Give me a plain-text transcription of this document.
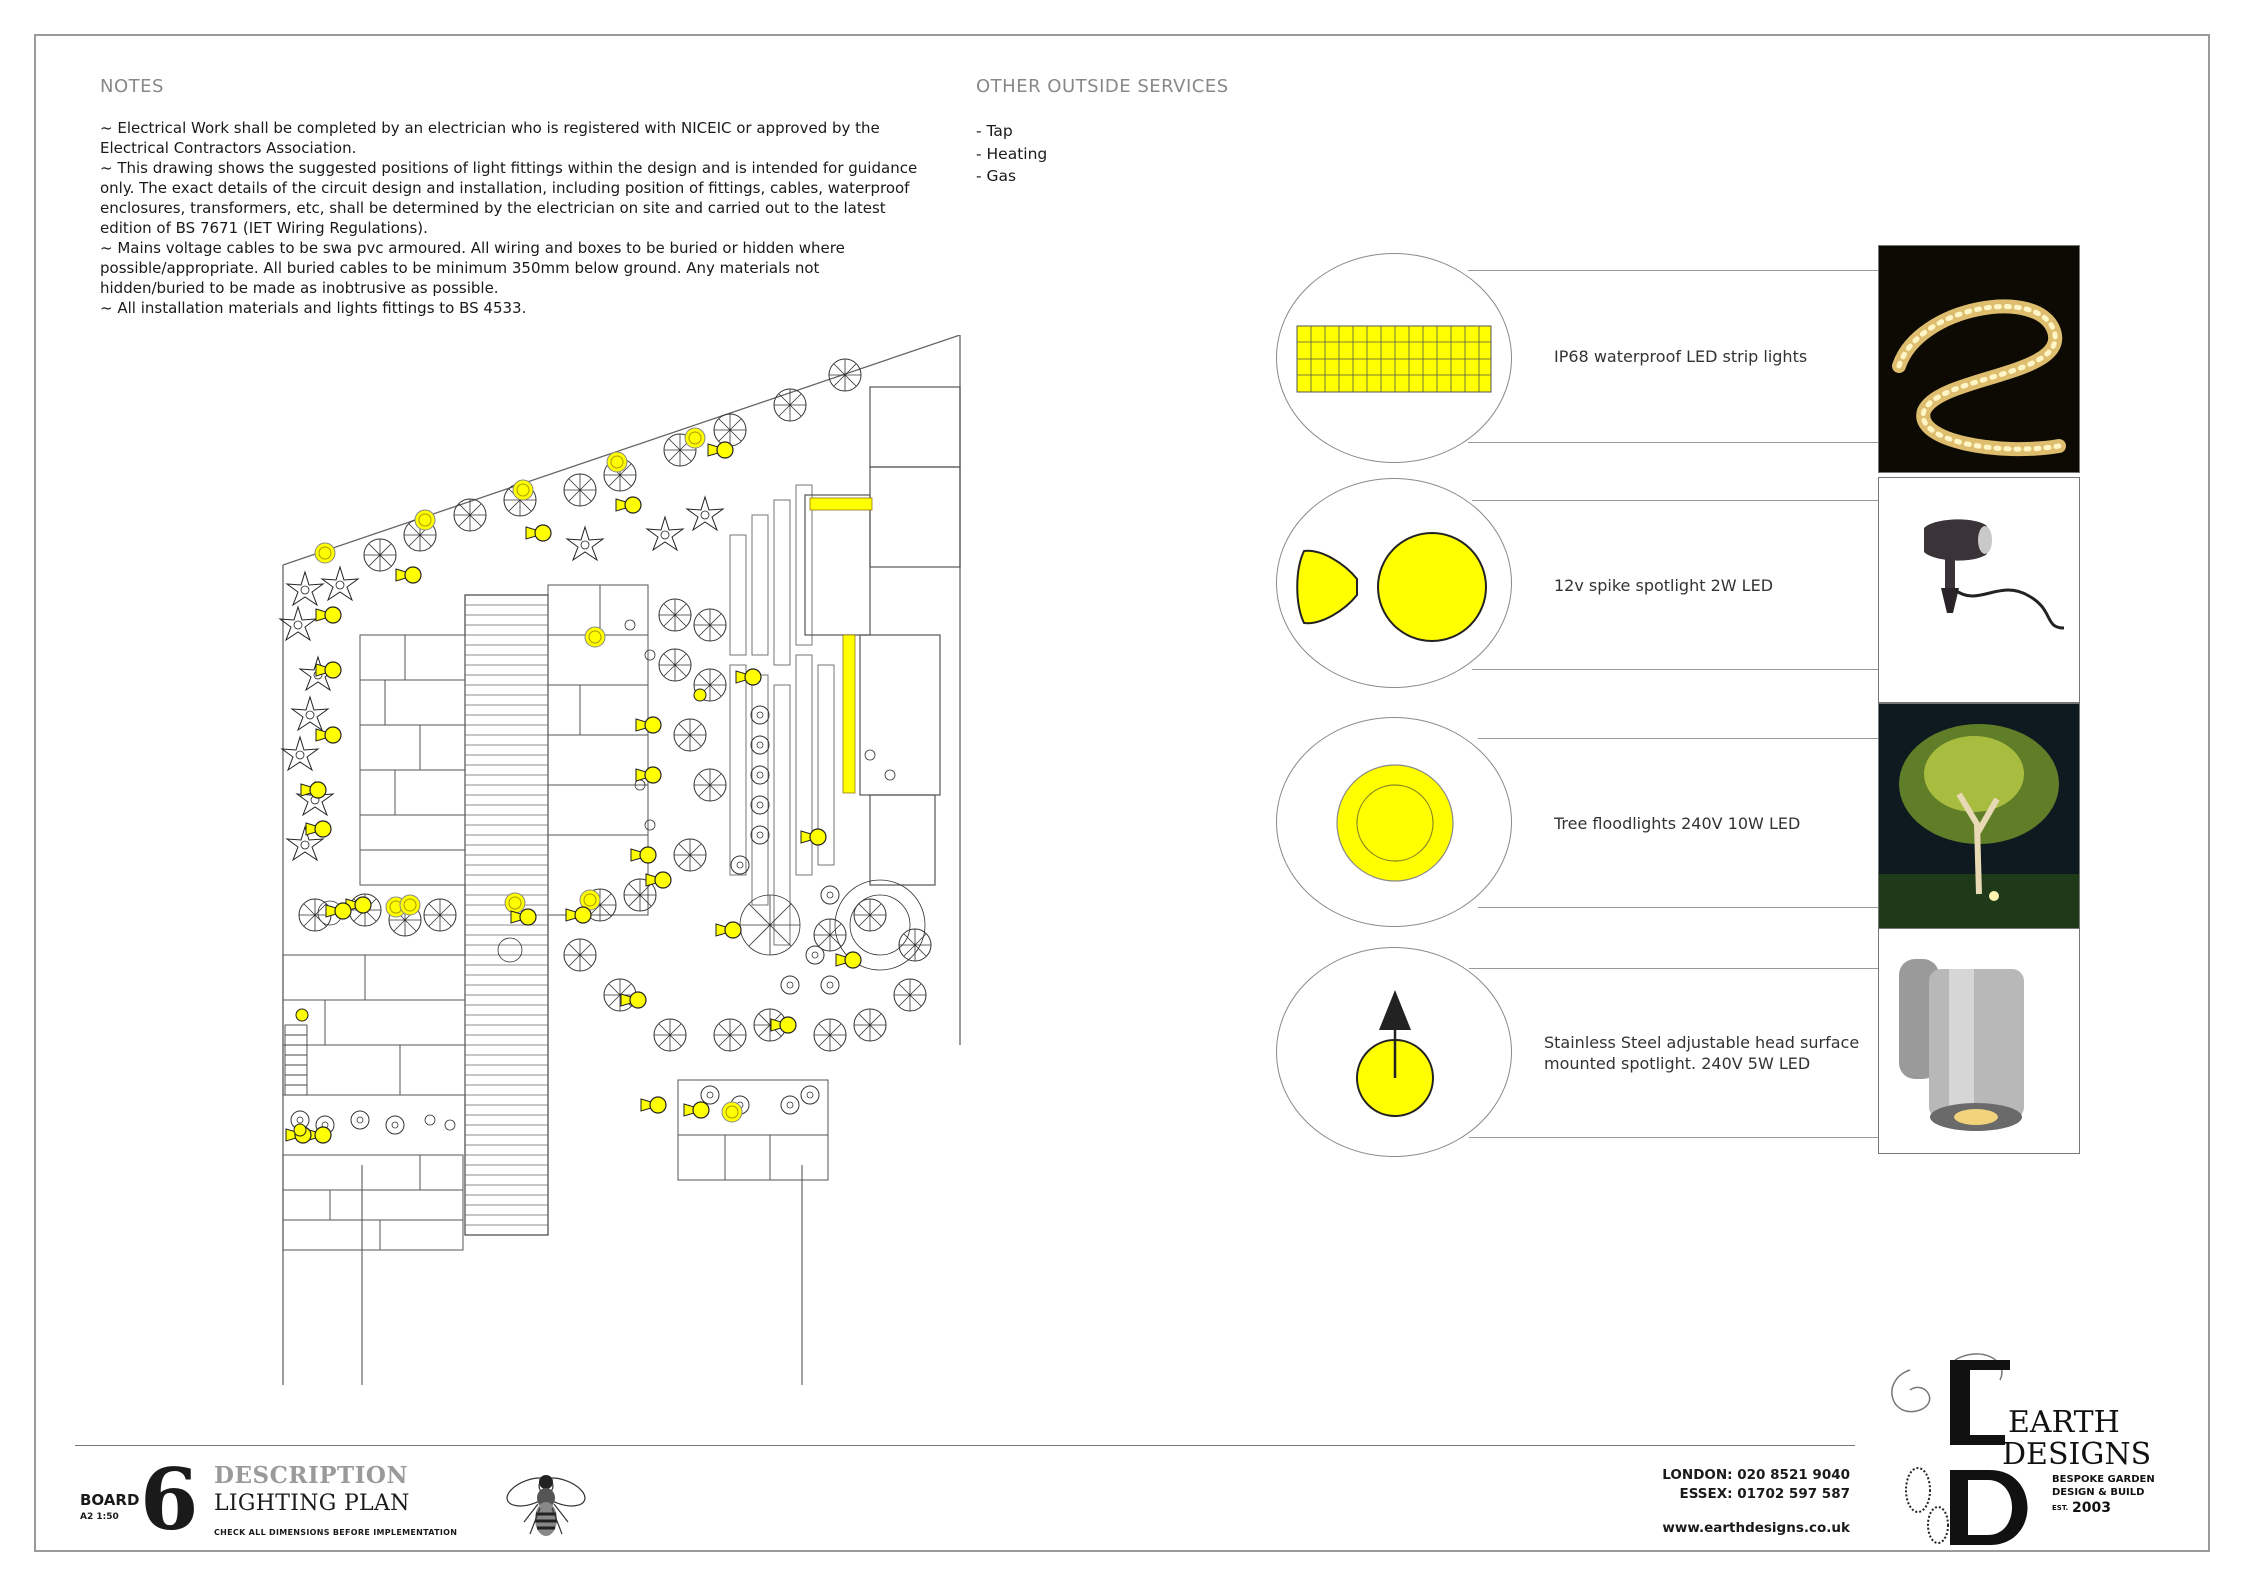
NOTES

~ Electrical Work shall be completed by an electrician who is registered with NICEIC or approved by the Electrical Contractors Association.

~ This drawing shows the suggested positions of light fittings within the design and is intended for guidance only. The exact details of the circuit design and installation, including position of fittings, cables, waterproof enclosures, transformers, etc, shall be determined by the electrician on site and carried out to the latest edition of BS 7671 (IET Wiring Regulations).

~ Mains voltage cables to be swa pvc armoured. All wiring and boxes to be buried or hidden where possible/appropriate. All buried cables to be minimum 350mm below ground. Any materials not hidden/buried to be made as inobtrusive as possible.

~ All installation materials and lights fittings to BS 4533.

OTHER OUTSIDE SERVICES
- Tap
- Heating
- Gas
IP68 waterproof LED strip lights
12v spike spotlight 2W LED
Tree floodlights 240V 10W LED
Stainless Steel adjustable head surface mounted spotlight. 240V 5W LED
BOARD
A2 1:50 6 DESCRIPTION
LIGHTING PLAN
CHECK ALL DIMENSIONS BEFORE IMPLEMENTATION
LONDON: 020 8521 9040
ESSEX: 01702 597 587
www.earthdesigns.co.uk
EARTH
DESIGNS
BESPOKE GARDEN
DESIGN & BUILD
EST. 2003
